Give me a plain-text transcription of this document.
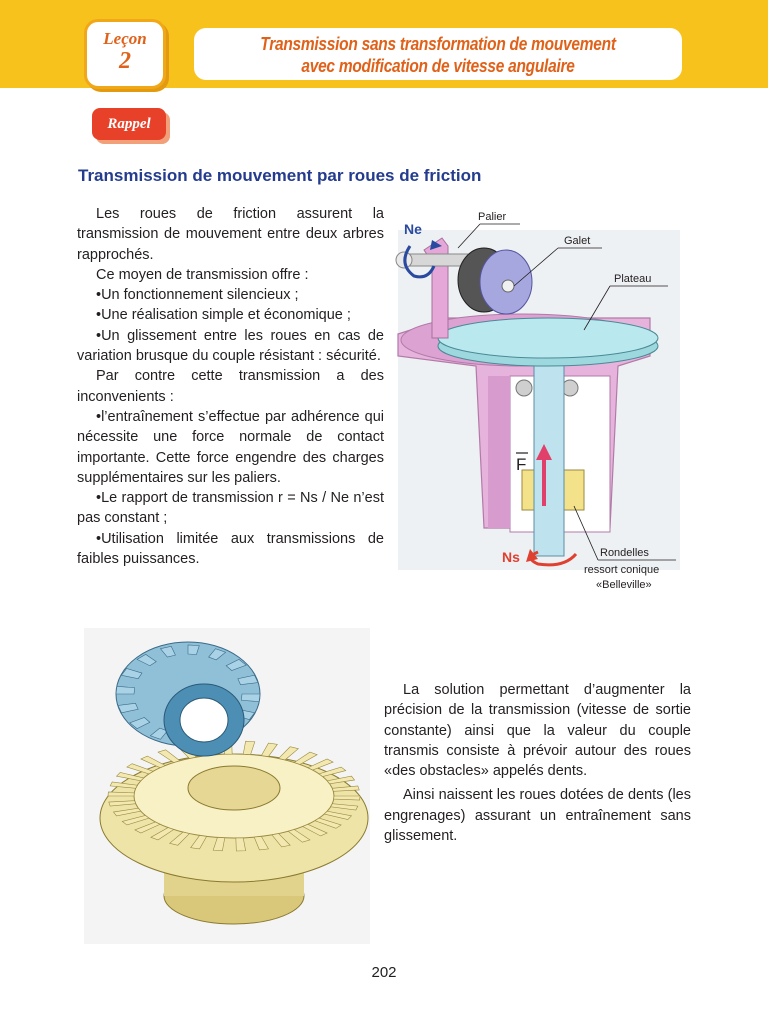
Leçon
2
Transmission sans transformation de mouvement
avec modification de vitesse angulaire
Rappel
Transmission de mouvement par roues de friction

Les roues de friction assurent la transmission de mouvement entre deux arbres rapprochés.

Ce moyen de transmission offre :

•Un fonctionnement silencieux ;

•Une réalisation simple et économique ;

•Un glissement entre les roues en cas de variation brusque du couple résistant : sécurité.

Par contre cette transmission a des inconvenients :

•l’entraînement s’effectue par adhérence qui nécessite une force normale de contact importante. Cette force engendre des charges supplémentaires sur les paliers.

•Le rapport de transmission r = Ns / Ne n’est pas constant ;

•Utilisation limitée aux transmissions de faibles puissances.

Ne
F
Ns
Palier
Galet
Plateau
Rondelles
ressort conique
«Belleville»

La solution permettant d’augmenter la précision de la transmission (vitesse de sortie constante) ainsi que la valeur du couple transmis consiste à prévoir autour des roues «des obstacles» appelés dents.

Ainsi naissent les roues dotées de dents (les engrenages) assurant un entraînement sans glissement.

202
